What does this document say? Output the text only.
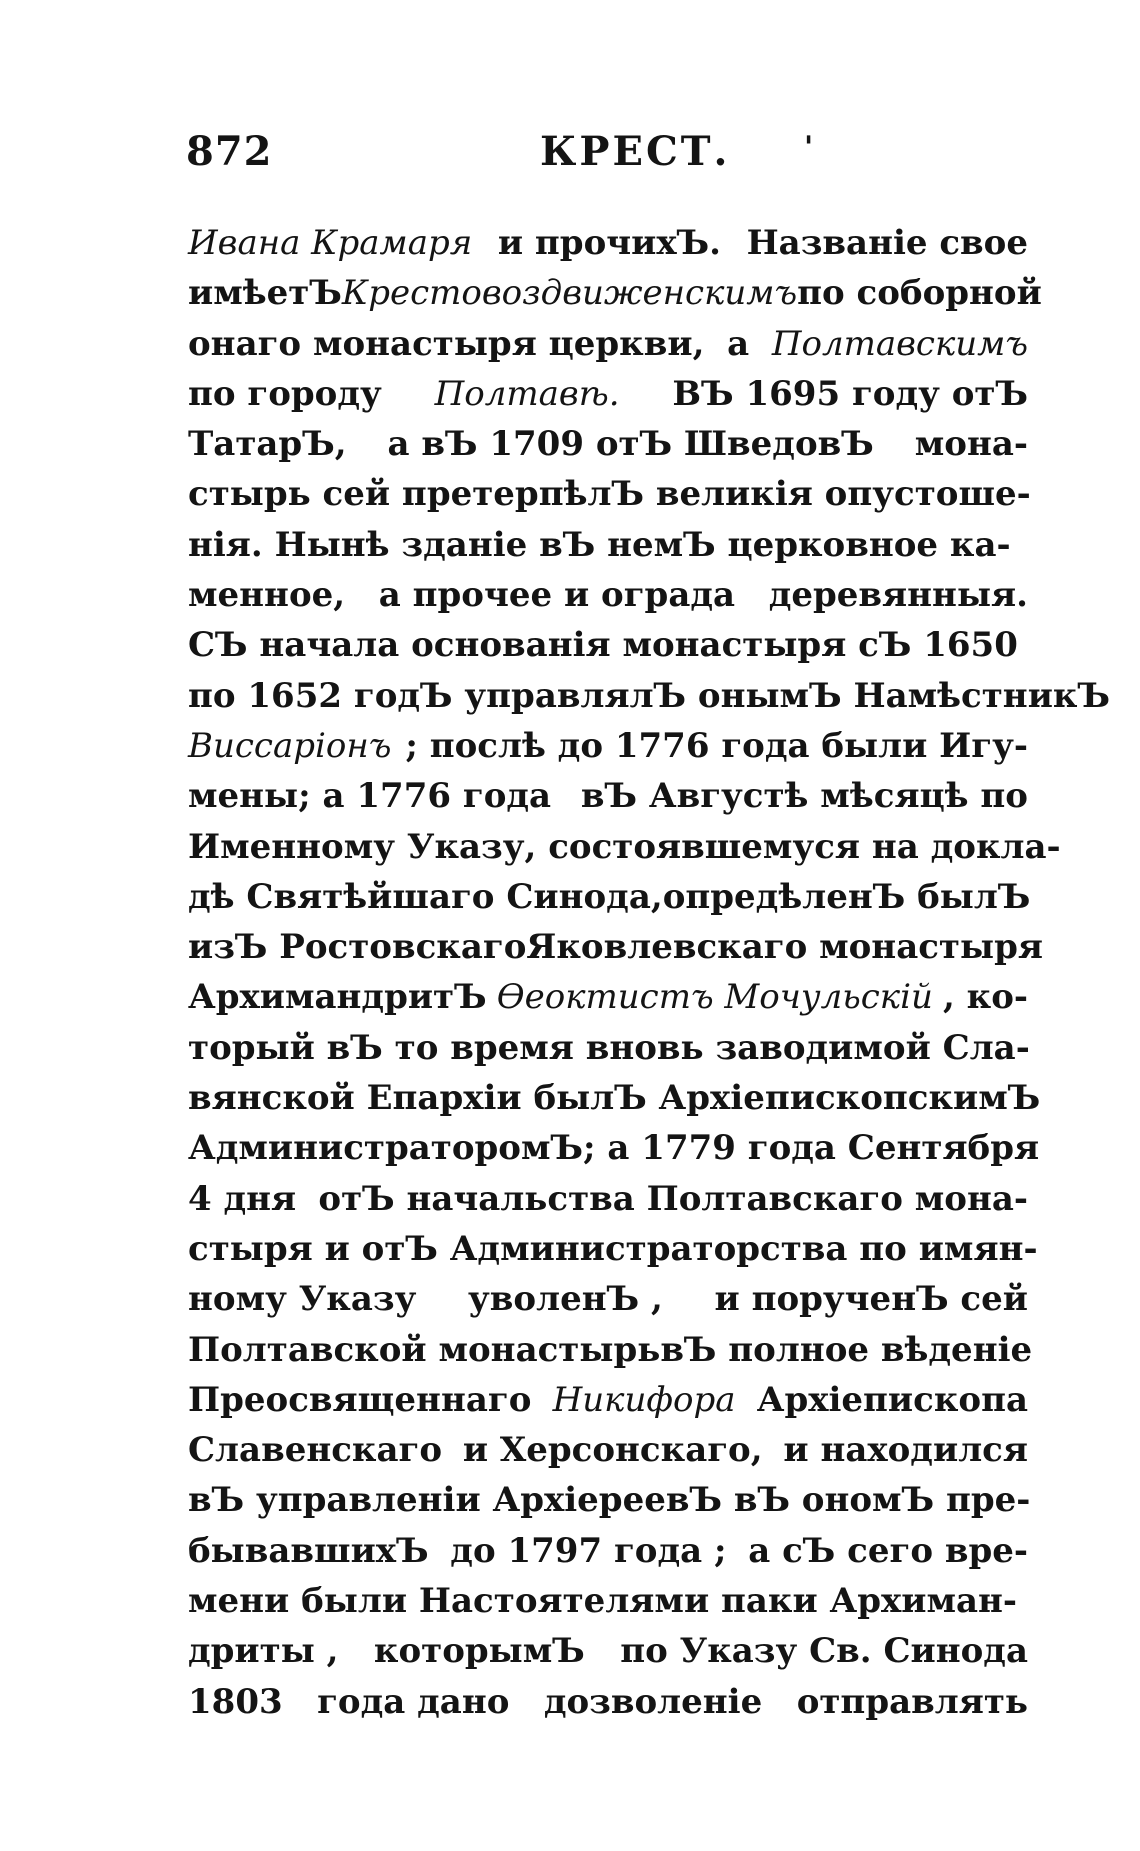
872	КРЕСТ. '
Ивана Крамаря и прочихЪ. Названіе свое
имѣетЪ Крестовоздвиженскимъ по соборной
онаго монастыря церкви, а Полтавскимъ
по городу Полтавѣ. ВЪ 1695 году отЪ
ТатарЪ, а вЪ 1709 отЪ ШведовЪ мона-
стырь сей претерпѣлЪ великія опустоше-
нія. Нынѣ зданіе вЪ немЪ церковное ка-
менное, а прочее и ограда деревянныя.
СЪ начала основанія монастыря сЪ 1650
по 1652 годЪ управлялЪ онымЪ НамѣстникЪ
Виссаріонъ ; послѣ до 1776 года были Игу-
мены; а 1776 года вЪ Августѣ мѣсяцѣ по
Именному Указу, состоявшемуся на докла-
дѣ Святѣйшаго Синода, опредѣленЪ былЪ
изЪ Ростовскаго Яковлевскаго монастыря
АрхимандритЪ Ѳеоктистъ Мочульскій , ко-
торый вЪ то время вновь заводимой Сла-
вянской Епархіи былЪ АрхіепископскимЪ
АдминистраторомЪ; а 1779 года Сентября
4 дня отЪ начальства Полтавскаго мона-
стыря и отЪ Администраторства по имян-
ному Указу уволенЪ , и порученЪ сей
Полтавской монастырь вЪ полное вѣденіе
Преосвященнаго Никифора Архіепископа
Славенскаго и Херсонскаго, и находился
вЪ управленіи АрхіереевЪ вЪ ономЪ пре-
бывавшихЪ до 1797 года ; а сЪ сего вре-
мени были Настоятелями паки Архиман-
дриты , которымЪ по Указу Св. Синода
1803 года дано дозволеніе отправлять
